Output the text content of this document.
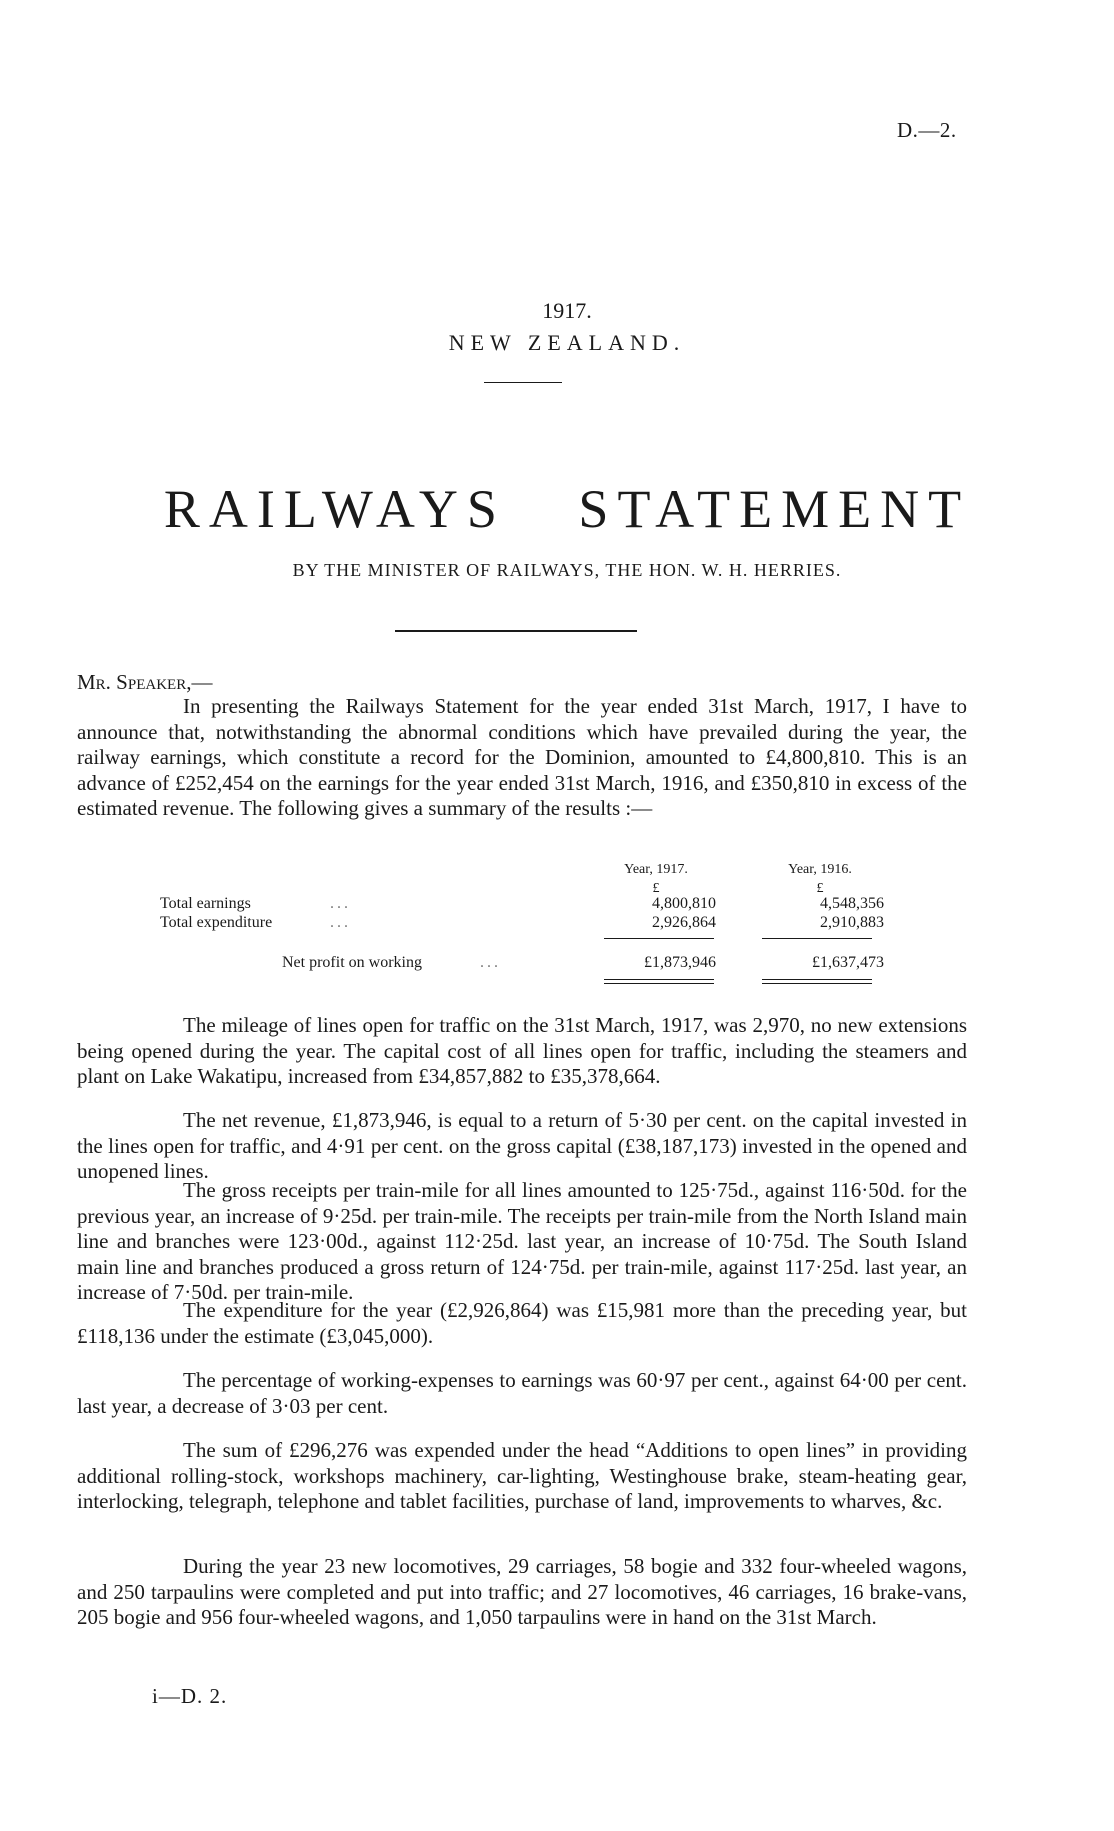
D.—2.
1917.
NEW ZEALAND.
RAILWAYS STATEMENT
BY THE MINISTER OF RAILWAYS, THE HON. W. H. HERRIES.
Mr. Speaker,—

In presenting the Railways Statement for the year ended 31st March, 1917, I have to announce that, notwithstanding the abnormal conditions which have prevailed during the year, the railway earnings, which constitute a record for the Dominion, amounted to £4,800,810. This is an advance of £252,454 on the earnings for the year ended 31st March, 1916, and £350,810 in excess of the estimated revenue. The following gives a summary of the results :—

Year, 1917.	Year, 1916.
£	£
Total earnings	...	4,800,810	4,548,356
Total expenditure	...	2,926,864	2,910,883
Net profit on working	...	£1,873,946	£1,637,473

The mileage of lines open for traffic on the 31st March, 1917, was 2,970, no new extensions being opened during the year. The capital cost of all lines open for traffic, including the steamers and plant on Lake Wakatipu, increased from £34,857,882 to £35,378,664.

The net revenue, £1,873,946, is equal to a return of 5·30 per cent. on the capital invested in the lines open for traffic, and 4·91 per cent. on the gross capital (£38,187,173) invested in the opened and unopened lines.

The gross receipts per train-mile for all lines amounted to 125·75d., against 116·50d. for the previous year, an increase of 9·25d. per train-mile. The receipts per train-mile from the North Island main line and branches were 123·00d., against 112·25d. last year, an increase of 10·75d. The South Island main line and branches produced a gross return of 124·75d. per train-mile, against 117·25d. last year, an increase of 7·50d. per train-mile.

The expenditure for the year (£2,926,864) was £15,981 more than the preceding year, but £118,136 under the estimate (£3,045,000).

The percentage of working-expenses to earnings was 60·97 per cent., against 64·00 per cent. last year, a decrease of 3·03 per cent.

The sum of £296,276 was expended under the head “Additions to open lines” in providing additional rolling-stock, workshops machinery, car-lighting, Westinghouse brake, steam-heating gear, interlocking, telegraph, telephone and tablet facilities, purchase of land, improvements to wharves, &c.

During the year 23 new locomotives, 29 carriages, 58 bogie and 332 four-wheeled wagons, and 250 tarpaulins were completed and put into traffic; and 27 locomotives, 46 carriages, 16 brake-vans, 205 bogie and 956 four-wheeled wagons, and 1,050 tarpaulins were in hand on the 31st March.

i—D. 2.
